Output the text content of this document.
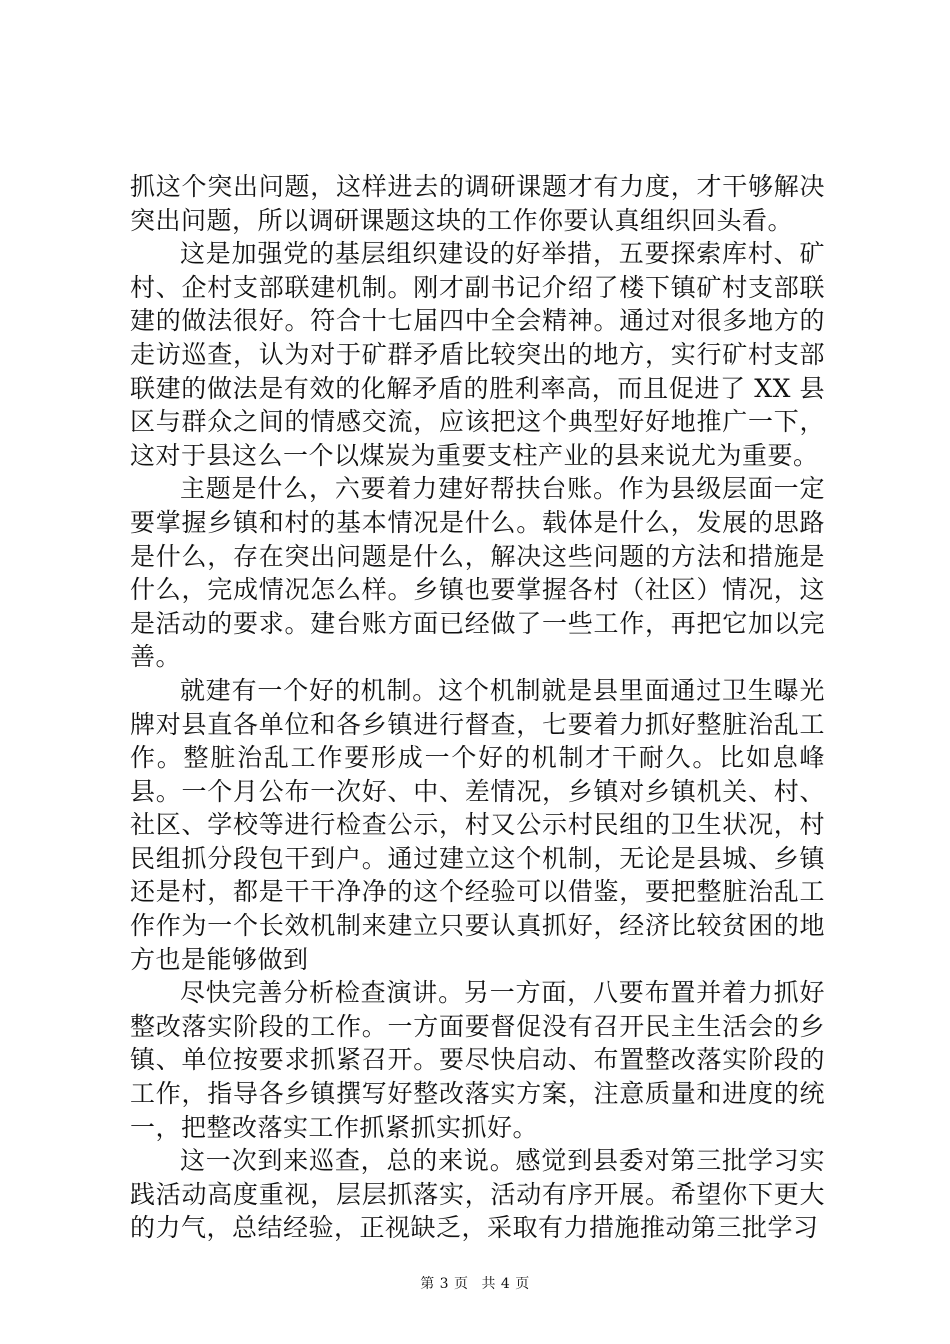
抓这个突出问题，这样进去的调研课题才有力度，才干够解决突出问题，所以调研课题这块的工作你要认真组织回头看。

这是加强党的基层组织建设的好举措，五要探索库村、矿村、企村支部联建机制。刚才副书记介绍了楼下镇矿村支部联建的做法很好。符合十七届四中全会精神。通过对很多地方的走访巡查，认为对于矿群矛盾比较突出的地方，实行矿村支部联建的做法是有效的化解矛盾的胜利率高，而且促进了 XX 县区与群众之间的情感交流，应该把这个典型好好地推广一下，这对于县这么一个以煤炭为重要支柱产业的县来说尤为重要。

主题是什么，六要着力建好帮扶台账。作为县级层面一定要掌握乡镇和村的基本情况是什么。载体是什么，发展的思路是什么，存在突出问题是什么，解决这些问题的方法和措施是什么，完成情况怎么样。乡镇也要掌握各村（社区）情况，这是活动的要求。建台账方面已经做了一些工作，再把它加以完善。

就建有一个好的机制。这个机制就是县里面通过卫生曝光牌对县直各单位和各乡镇进行督查，七要着力抓好整脏治乱工作。整脏治乱工作要形成一个好的机制才干耐久。比如息峰县。一个月公布一次好、中、差情况，乡镇对乡镇机关、村、社区、学校等进行检查公示，村又公示村民组的卫生状况，村民组抓分段包干到户。通过建立这个机制，无论是县城、乡镇还是村，都是干干净净的这个经验可以借鉴，要把整脏治乱工作作为一个长效机制来建立只要认真抓好，经济比较贫困的地方也是能够做到

尽快完善分析检查演讲。另一方面，八要布置并着力抓好整改落实阶段的工作。一方面要督促没有召开民主生活会的乡镇、单位按要求抓紧召开。要尽快启动、布置整改落实阶段的工作，指导各乡镇撰写好整改落实方案，注意质量和进度的统一，把整改落实工作抓紧抓实抓好。

这一次到来巡查，总的来说。感觉到县委对第三批学习实践活动高度重视，层层抓落实，活动有序开展。希望你下更大的力气，总结经验，正视缺乏，采取有力措施推动第三批学习

第 3 页 共 4 页
